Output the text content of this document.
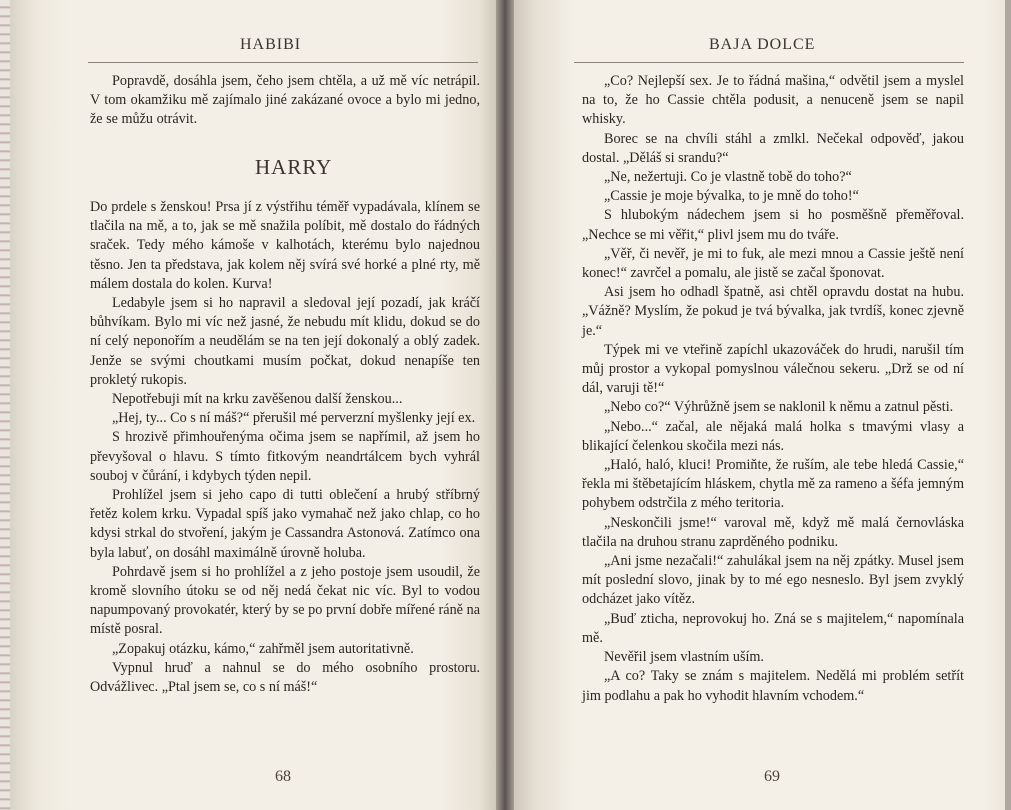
HABIBI

Popravdě, dosáhla jsem, čeho jsem chtěla, a už mě víc netrápil. V tom okamžiku mě zajímalo jiné zakázané ovoce a bylo mi jedno, že se můžu otrávit.

HARRY

Do prdele s ženskou! Prsa jí z výstřihu téměř vypadávala, klínem se tlačila na mě, a to, jak se mě snažila políbit, mě dostalo do řádných sraček. Tedy mého kámoše v kalhotách, kterému bylo najednou těsno. Jen ta představa, jak kolem něj svírá své horké a plné rty, mě málem dostala do kolen. Kurva!

Ledabyle jsem si ho napravil a sledoval její pozadí, jak kráčí bůhvíkam. Bylo mi víc než jasné, že nebudu mít klidu, dokud se do ní celý neponořím a neudělám se na ten její dokonalý a oblý zadek. Jenže se svými choutkami musím počkat, dokud nenapíše ten prokletý rukopis.

Nepotřebuji mít na krku zavěšenou další ženskou...

„Hej, ty... Co s ní máš?“ přerušil mé perverzní myšlenky její ex.

S hrozivě přimhouřenýma očima jsem se napřímil, až jsem ho převyšoval o hlavu. S tímto fitkovým neandrtálcem bych vyhrál souboj v čůrání, i kdybych týden nepil.

Prohlížel jsem si jeho capo di tutti oblečení a hrubý stříbrný řetěz kolem krku. Vypadal spíš jako vymahač než jako chlap, co ho kdysi strkal do stvoření, jakým je Cassandra Astonová. Zatímco ona byla labuť, on dosáhl maximálně úrovně holuba.

Pohrdavě jsem si ho prohlížel a z jeho postoje jsem usoudil, že kromě slovního útoku se od něj nedá čekat nic víc. Byl to vodou napumpovaný provokatér, který by se po první dobře mířené ráně na místě posral.

„Zopakuj otázku, kámo,“ zahřměl jsem autoritativně.

Vypnul hruď a nahnul se do mého osobního prostoru. Odvážlivec. „Ptal jsem se, co s ní máš!“

68
BAJA DOLCE

„Co? Nejlepší sex. Je to řádná mašina,“ odvětil jsem a myslel na to, že ho Cassie chtěla podusit, a nenuceně jsem se napil whisky.

Borec se na chvíli stáhl a zmlkl. Nečekal odpověď, jakou dostal. „Děláš si srandu?“

„Ne, nežertuji. Co je vlastně tobě do toho?“

„Cassie je moje bývalka, to je mně do toho!“

S hlubokým nádechem jsem si ho posměšně přeměřoval. „Nechce se mi věřit,“ plivl jsem mu do tváře.

„Věř, či nevěř, je mi to fuk, ale mezi mnou a Cassie ještě není konec!“ zavrčel a pomalu, ale jistě se začal šponovat.

Asi jsem ho odhadl špatně, asi chtěl opravdu dostat na hubu. „Vážně? Myslím, že pokud je tvá bývalka, jak tvrdíš, konec zjevně je.“

Týpek mi ve vteřině zapíchl ukazováček do hrudi, narušil tím můj prostor a vykopal pomyslnou válečnou sekeru. „Drž se od ní dál, varuji tě!“

„Nebo co?“ Výhrůžně jsem se naklonil k němu a zatnul pěsti.

„Nebo...“ začal, ale nějaká malá holka s tmavými vlasy a blikající čelenkou skočila mezi nás.

„Haló, haló, kluci! Promiňte, že ruším, ale tebe hledá Cassie,“ řekla mi štěbetajícím hláskem, chytla mě za rameno a šéfa jemným pohybem odstrčila z mého teritoria.

„Neskončili jsme!“ varoval mě, když mě malá černovláska tlačila na druhou stranu zaprděného podniku.

„Ani jsme nezačali!“ zahulákal jsem na něj zpátky. Musel jsem mít poslední slovo, jinak by to mé ego nesneslo. Byl jsem zvyklý odcházet jako vítěz.

„Buď zticha, neprovokuj ho. Zná se s majitelem,“ napomínala mě.

Nevěřil jsem vlastním uším.

„A co? Taky se znám s majitelem. Nedělá mi problém setřít jim podlahu a pak ho vyhodit hlavním vchodem.“

69
